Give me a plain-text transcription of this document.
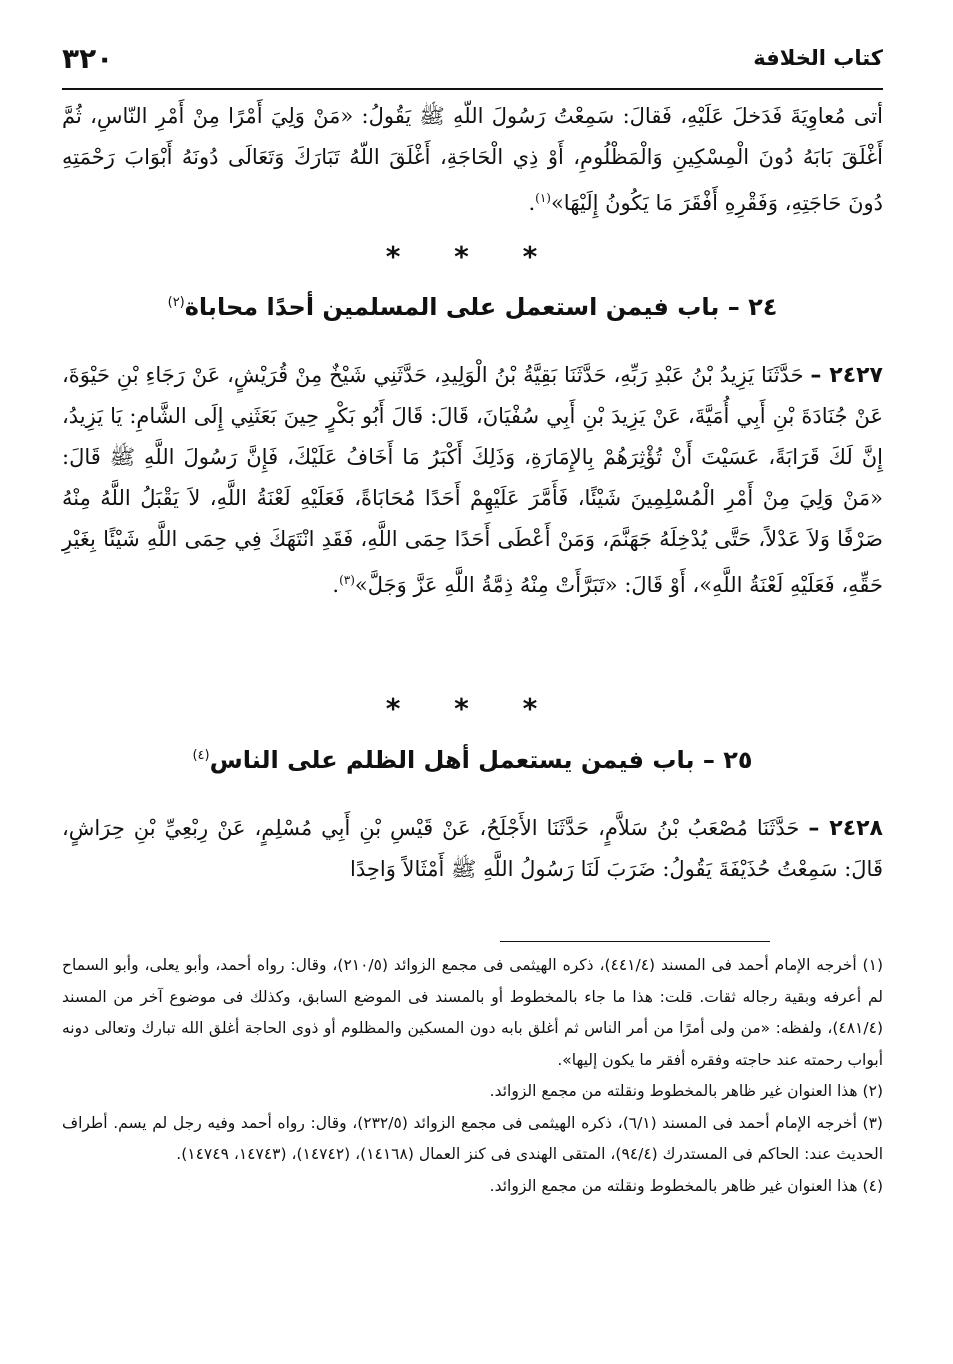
كتاب الخلافة
٣٢٠
أتى مُعاوِيَةَ فَدَخلَ عَلَيْهِ، فَقالَ: سَمِعْتُ رَسُولَ اللّهِ ﷺ يَقُولُ: «مَنْ وَلِيَ أَمْرًا مِنْ أَمْرِ النّاسِ، ثُمَّ أَغْلَقَ بَابَهُ دُونَ الْمِسْكِينِ وَالْمَظْلُومِ، أَوْ ذِي الْحَاجَةِ، أَغْلَقَ اللّهُ تَبَارَكَ وَتَعَالَى دُونَهُ أَبْوَابَ رَحْمَتِهِ دُونَ حَاجَتِهِ، وَفَقْرِهِ أَفْقَرَ مَا يَكُونُ إِلَيْهَا»$^{(١)}$.
* * *
٢٤ – باب فيمن استعمل على المسلمين أحدًا محاباة$^{(٢)}$
٢٤٢٧ – حَدَّثَنَا يَزِيدُ بْنُ عَبْدِ رَبِّهِ، حَدَّثَنَا بَقِيَّةُ بْنُ الْوَلِيدِ، حَدَّثَنِي شَيْخٌ مِنْ قُرَيْشٍ، عَنْ رَجَاءِ بْنِ حَيْوَةَ، عَنْ جُنَادَةَ بْنِ أَبِي أُمَيَّةَ، عَنْ يَزِيدَ بْنِ أَبِي سُفْيَانَ، قَالَ: قَالَ أَبُو بَكْرٍ حِينَ بَعَثَنِي إِلَى الشَّامِ: يَا يَزِيدُ، إِنَّ لَكَ قَرَابَةً، عَسَيْتَ أَنْ تُؤْثِرَهُمْ بِالإِمَارَةِ، وَذَلِكَ أَكْبَرُ مَا أَخَافُ عَلَيْكَ، فَإِنَّ رَسُولَ اللَّهِ ﷺ قَالَ: «مَنْ وَلِيَ مِنْ أَمْرِ الْمُسْلِمِينَ شَيْئًا، فَأَمَّرَ عَلَيْهِمْ أَحَدًا مُحَابَاةً، فَعَلَيْهِ لَعْنَةُ اللَّهِ، لاَ يَقْبَلُ اللَّهُ مِنْهُ صَرْفًا وَلاَ عَدْلاً، حَتَّى يُدْخِلَهُ جَهَنَّمَ، وَمَنْ أَعْطَى أَحَدًا حِمَى اللَّهِ، فَقَدِ انْتَهَكَ فِي حِمَى اللَّهِ شَيْئًا بِغَيْرِ حَقِّهِ، فَعَلَيْهِ لَعْنَةُ اللَّهِ»، أَوْ قَالَ: «تَبَرَّأَتْ مِنْهُ ذِمَّةُ اللَّهِ عَزَّ وَجَلَّ»$^{(٣)}$.
* * *
٢٥ – باب فيمن يستعمل أهل الظلم على الناس$^{(٤)}$
٢٤٢٨ – حَدَّثَنَا مُصْعَبُ بْنُ سَلاَّمٍ، حَدَّثَنَا الأَجْلَحُ، عَنْ قَيْسِ بْنِ أَبِي مُسْلِمٍ، عَنْ رِبْعِيِّ بْنِ حِرَاشٍ، قَالَ: سَمِعْتُ حُذَيْفَةَ يَقُولُ: ضَرَبَ لَنَا رَسُولُ اللَّهِ ﷺ أَمْثَالاً وَاحِدًا
(١) أخرجه الإمام أحمد فى المسند (٤٤١/٤)، ذكره الهيثمى فى مجمع الزوائد (٢١٠/٥)، وقال: رواه أحمد، وأبو يعلى، وأبو السماح لم أعرفه وبقية رجاله ثقات. قلت: هذا ما جاء بالمخطوط أو بالمسند فى الموضع السابق، وكذلك فى موضوع آخر من المسند (٤٨١/٤)، ولفظه: «من ولى أمرًا من أمر الناس ثم أغلق بابه دون المسكين والمظلوم أو ذوى الحاجة أغلق الله تبارك وتعالى دونه أبواب رحمته عند حاجته وفقره أفقر ما يكون إليها».
(٢) هذا العنوان غير ظاهر بالمخطوط ونقلته من مجمع الزوائد.
(٣) أخرجه الإمام أحمد فى المسند (٦/١)، ذكره الهيثمى فى مجمع الزوائد (٢٣٢/٥)، وقال: رواه أحمد وفيه رجل لم يسم. أطراف الحديث عند: الحاكم فى المستدرك (٩٤/٤)، المتقى الهندى فى كنز العمال (١٤١٦٨)، (١٤٧٤٢)، (١٤٧٤٣، ١٤٧٤٩).
(٤) هذا العنوان غير ظاهر بالمخطوط ونقلته من مجمع الزوائد.
